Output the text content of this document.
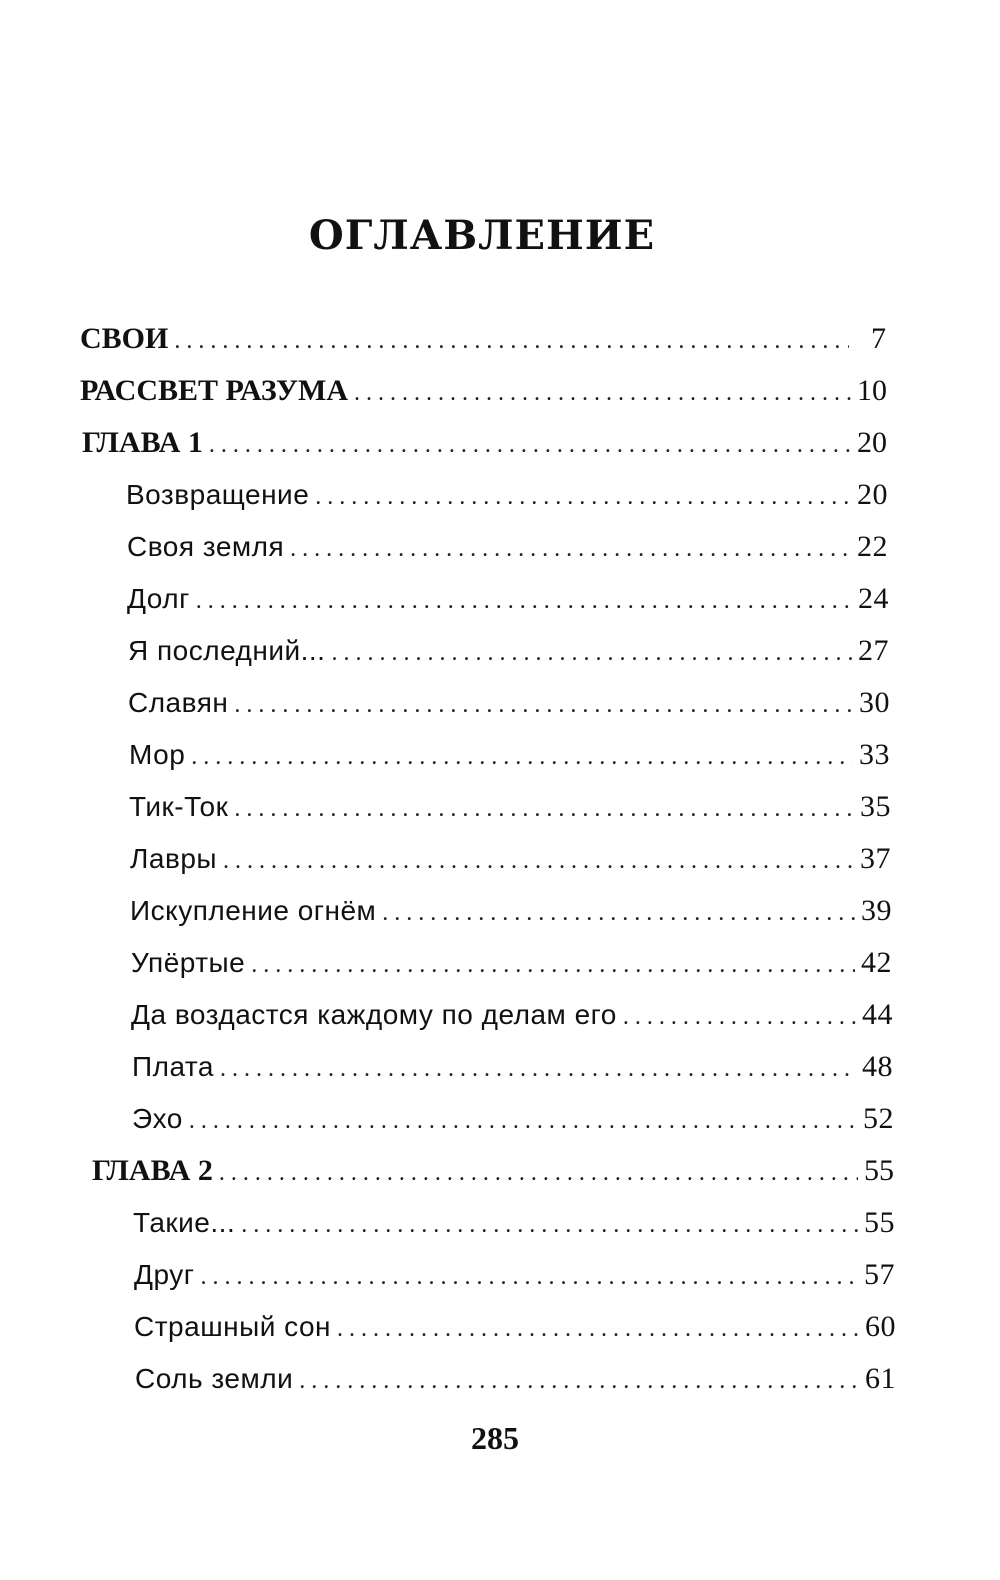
ОГЛАВЛЕНИЕ
СВОИ . . .	7
РАССВЕТ РАЗУМА . . .	10
ГЛАВА 1 . . .	20
Возвращение . . .	20
Своя земля . . .	22
Долг . . .	24
Я последний... . . .	27
Славян . . .	30
Мор . . .	33
Тик-Ток . . .	35
Лавры . . .	37
Искупление огнём . . .	39
Упёртые . . .	42
Да воздастся каждому по делам его . . .	44
Плата . . .	48
Эхо . . .	52
ГЛАВА 2 . . .	55
Такие... . . .	55
Друг . . .	57
Страшный сон . . .	60
Соль земли . . .	61
285
